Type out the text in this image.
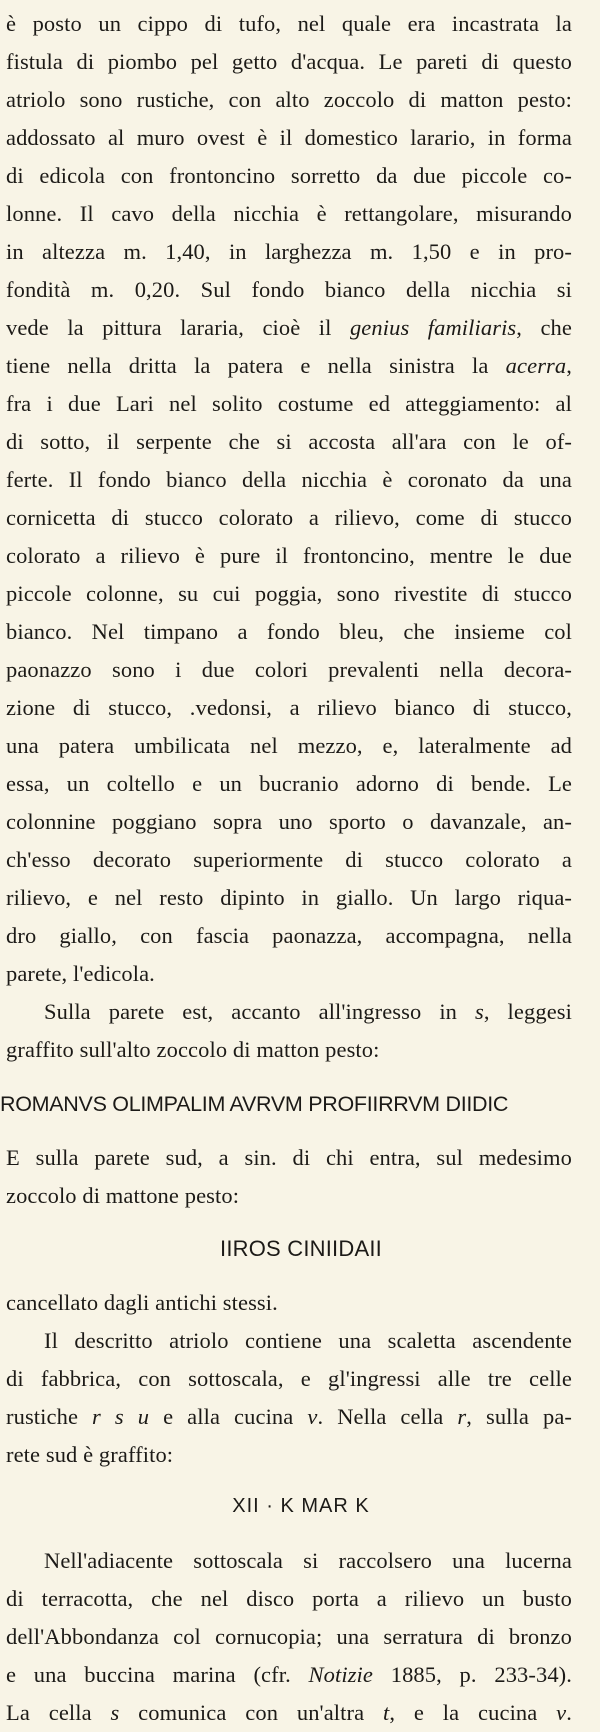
è posto un cippo di tufo, nel quale era incastrata la
fistula di piombo pel getto d'acqua. Le pareti di questo
atriolo sono rustiche, con alto zoccolo di matton pesto:
addossato al muro ovest è il domestico larario, in forma
di edicola con frontoncino sorretto da due piccole co-
lonne. Il cavo della nicchia è rettangolare, misurando
in altezza m. 1,40, in larghezza m. 1,50 e in pro-
fondità m. 0,20. Sul fondo bianco della nicchia si
vede la pittura lararia, cioè il genius familiaris, che
tiene nella dritta la patera e nella sinistra la acerra,
fra i due Lari nel solito costume ed atteggiamento: al
di sotto, il serpente che si accosta all'ara con le of-
ferte. Il fondo bianco della nicchia è coronato da una
cornicetta di stucco colorato a rilievo, come di stucco
colorato a rilievo è pure il frontoncino, mentre le due
piccole colonne, su cui poggia, sono rivestite di stucco
bianco. Nel timpano a fondo bleu, che insieme col
paonazzo sono i due colori prevalenti nella decora-
zione di stucco, .vedonsi, a rilievo bianco di stucco,
una patera umbilicata nel mezzo, e, lateralmente ad
essa, un coltello e un bucranio adorno di bende. Le
colonnine poggiano sopra uno sporto o davanzale, an-
ch'esso decorato superiormente di stucco colorato a
rilievo, e nel resto dipinto in giallo. Un largo riqua-
dro giallo, con fascia paonazza, accompagna, nella
parete, l'edicola.
Sulla parete est, accanto all'ingresso in s, leggesi
graffito sull'alto zoccolo di matton pesto:
ROMANVS OLIMPALIM AVRVM PROFIIRRVM DIIDIC
E sulla parete sud, a sin. di chi entra, sul medesimo
zoccolo di mattone pesto:
IIROS CINIIDAII
cancellato dagli antichi stessi.
Il descritto atriolo contiene una scaletta ascendente
di fabbrica, con sottoscala, e gl'ingressi alle tre celle
rustiche r s u e alla cucina v. Nella cella r, sulla pa-
rete sud è graffito:
XII · K MAR K
Nell'adiacente sottoscala si raccolsero una lucerna
di terracotta, che nel disco porta a rilievo un busto
dell'Abbondanza col cornucopia; una serratura di bronzo
e una buccina marina (cfr. Notizie 1885, p. 233-34).
La cella s comunica con un'altra t, e la cucina v.
